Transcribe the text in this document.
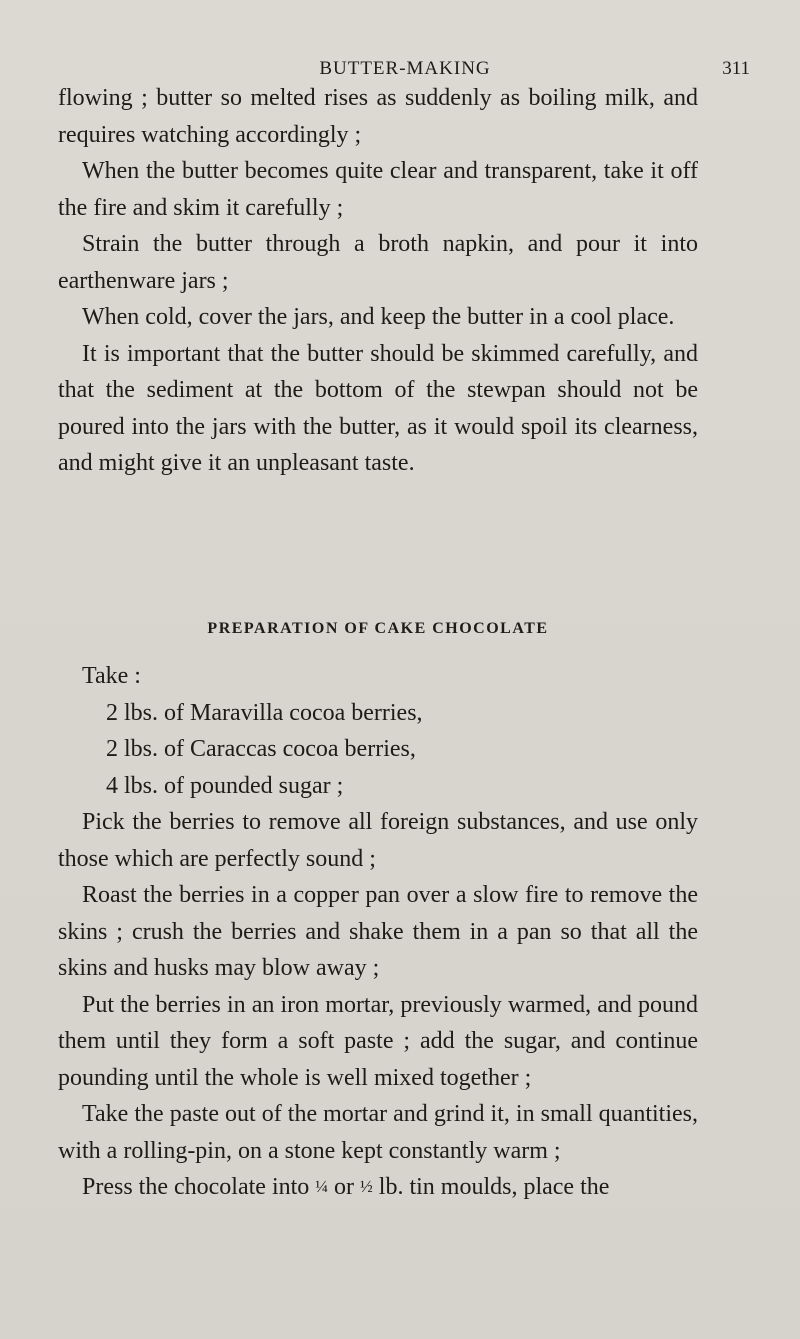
BUTTER-MAKING	311

flowing ; butter so melted rises as suddenly as boiling milk, and requires watching accordingly ;

When the butter becomes quite clear and transparent, take it off the fire and skim it carefully ;

Strain the butter through a broth napkin, and pour it into earthenware jars ;

When cold, cover the jars, and keep the butter in a cool place.

It is important that the butter should be skimmed carefully, and that the sediment at the bottom of the stewpan should not be poured into the jars with the butter, as it would spoil its clearness, and might give it an unpleasant taste.

PREPARATION OF CAKE CHOCOLATE

Take :

2 lbs. of Maravilla cocoa berries,

2 lbs. of Caraccas cocoa berries,

4 lbs. of pounded sugar ;

Pick the berries to remove all foreign substances, and use only those which are perfectly sound ;

Roast the berries in a copper pan over a slow fire to remove the skins ; crush the berries and shake them in a pan so that all the skins and husks may blow away ;

Put the berries in an iron mortar, previously warmed, and pound them until they form a soft paste ; add the sugar, and continue pounding until the whole is well mixed together ;

Take the paste out of the mortar and grind it, in small quantities, with a rolling-pin, on a stone kept constantly warm ;

Press the chocolate into ¼ or ½ lb. tin moulds, place the
